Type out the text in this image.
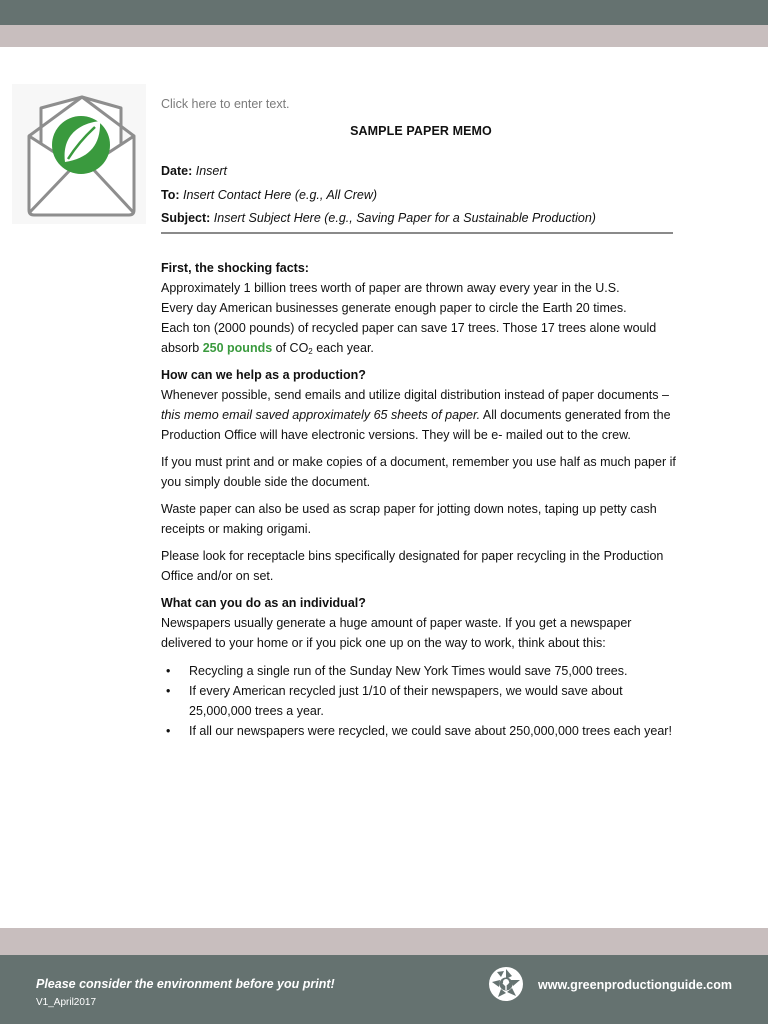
Click here to enter text.
SAMPLE PAPER MEMO
Date: Insert
To: Insert Contact Here (e.g., All Crew)
Subject: Insert Subject Here (e.g., Saving Paper for a Sustainable Production)
First, the shocking facts:
Approximately 1 billion trees worth of paper are thrown away every year in the U.S.
Every day American businesses generate enough paper to circle the Earth 20 times.

Each ton (2000 pounds) of recycled paper can save 17 trees. Those 17 trees alone would absorb 250 pounds of $CO_2$ each year.

How can we help as a production?

Whenever possible, send emails and utilize digital distribution instead of paper documents – this memo email saved approximately 65 sheets of paper. All documents generated from the Production Office will have electronic versions. They will be e- mailed out to the crew.

If you must print and or make copies of a document, remember you use half as much paper if you simply double side the document.

Waste paper can also be used as scrap paper for jotting down notes, taping up petty cash receipts or making origami.

Please look for receptacle bins specifically designated for paper recycling in the Production Office and/or on set.

What can you do as an individual?
Newspapers usually generate a huge amount of paper waste. If you get a newspaper delivered to your home or if you pick one up on the way to work, think about this:
• Recycling a single run of the Sunday New York Times would save 75,000 trees.
• If every American recycled just 1/10 of their newspapers, we would save about 25,000,000 trees a year.
• If all our newspapers were recycled, we could save about 250,000,000 trees each year!
Please consider the environment before you print!
V1_April2017
www.greenproductionguide.com
